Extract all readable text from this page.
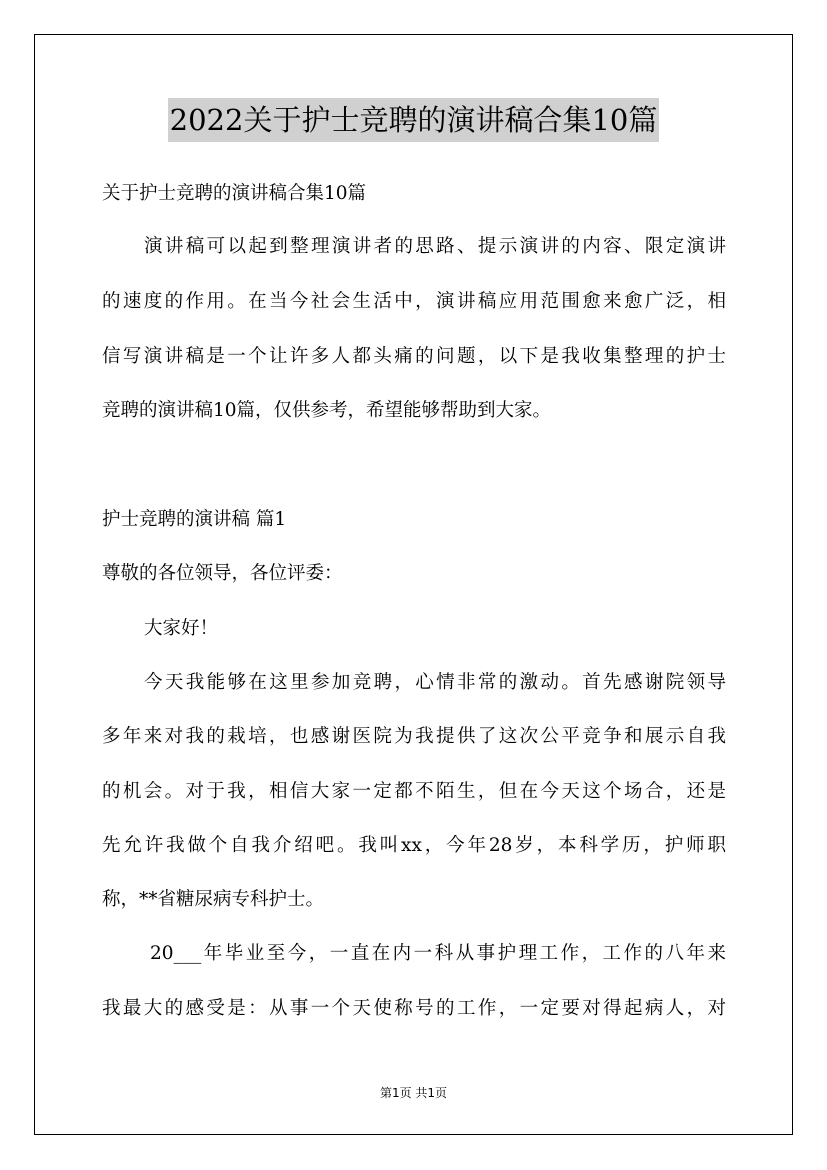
2022关于护士竞聘的演讲稿合集10篇
关于护士竞聘的演讲稿合集10篇
演讲稿可以起到整理演讲者的思路、提示演讲的内容、限定演讲
的速度的作用。在当今社会生活中，演讲稿应用范围愈来愈广泛，相
信写演讲稿是一个让许多人都头痛的问题，以下是我收集整理的护士
竞聘的演讲稿10篇，仅供参考，希望能够帮助到大家。
护士竞聘的演讲稿 篇1
尊敬的各位领导，各位评委：
大家好！
今天我能够在这里参加竞聘，心情非常的激动。首先感谢院领导
多年来对我的栽培，也感谢医院为我提供了这次公平竞争和展示自我
的机会。对于我，相信大家一定都不陌生，但在今天这个场合，还是
先允许我做个自我介绍吧。我叫xx，今年28岁，本科学历，护师职
称，**省糖尿病专科护士。
20___年毕业至今，一直在内一科从事护理工作，工作的八年来
我最大的感受是：从事一个天使称号的工作，一定要对得起病人，对
第1页 共1页
